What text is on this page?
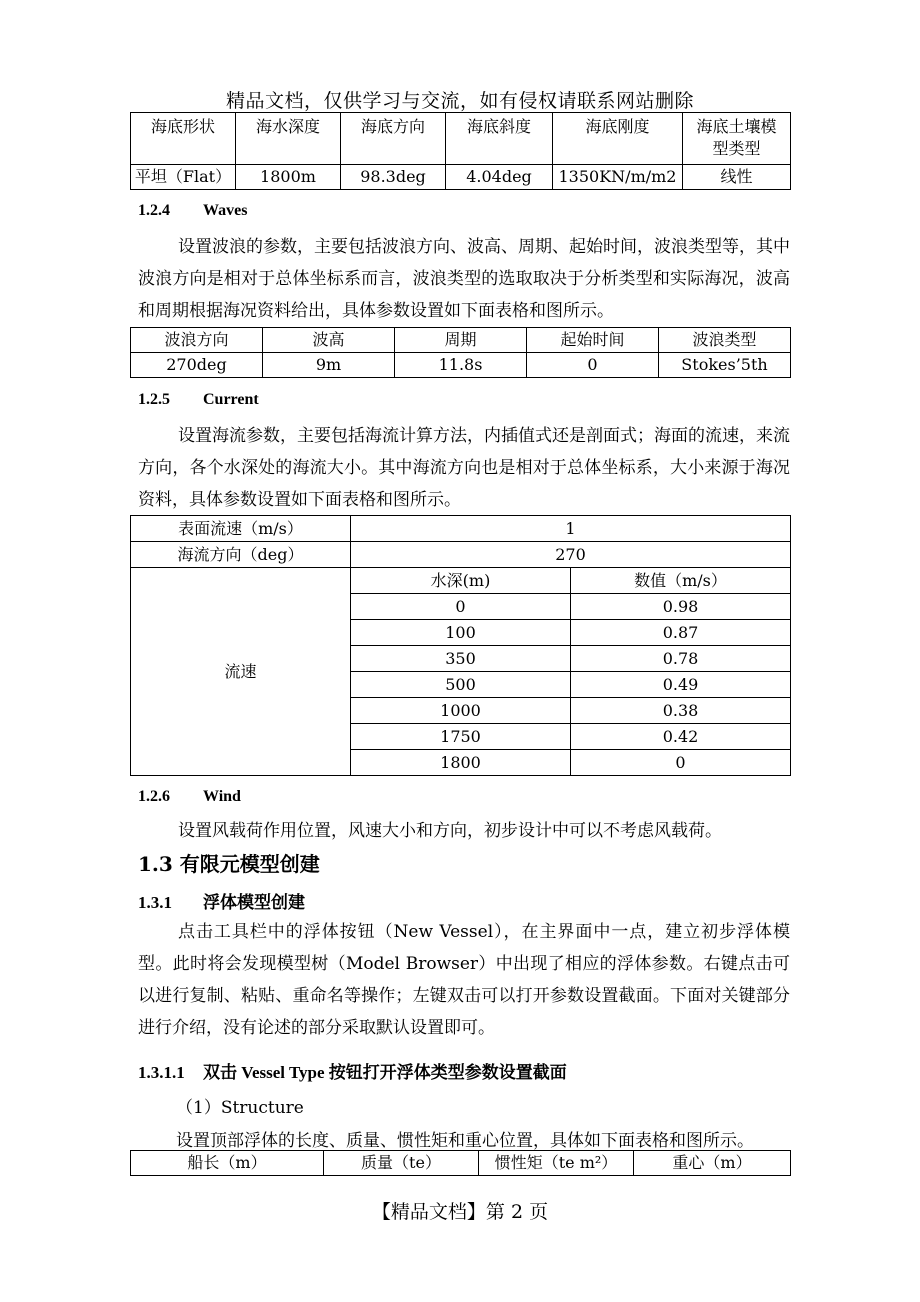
精品文档，仅供学习与交流，如有侵权请联系网站删除
海底形状	海水深度	海底方向	海底斜度	海底刚度	海底土壤模型类型
平坦（Flat）	1800m	98.3deg	4.04deg	1350KN/m/m2	线性
1.2.4 Waves
设置波浪的参数，主要包括波浪方向、波高、周期、起始时间，波浪类型等，其中波浪方向是相对于总体坐标系而言，波浪类型的选取取决于分析类型和实际海况，波高和周期根据海况资料给出，具体参数设置如下面表格和图所示。
波浪方向	波高	周期	起始时间	波浪类型
270deg	9m	11.8s	0	Stokes’5th
1.2.5 Current
设置海流参数，主要包括海流计算方法，内插值式还是剖面式；海面的流速，来流方向，各个水深处的海流大小。其中海流方向也是相对于总体坐标系，大小来源于海况资料，具体参数设置如下面表格和图所示。
表面流速（m/s）	1	
海流方向（deg）	270	
流速	水深(m)	数值（m/s）
	0	0.98
	100	0.87
	350	0.78
	500	0.49
	1000	0.38
	1750	0.42
	1800	0
1.2.6 Wind
设置风载荷作用位置，风速大小和方向，初步设计中可以不考虑风载荷。
1.3 有限元模型创建
1.3.1 浮体模型创建
点击工具栏中的浮体按钮（New Vessel），在主界面中一点，建立初步浮体模型。此时将会发现模型树（Model Browser）中出现了相应的浮体参数。右键点击可以进行复制、粘贴、重命名等操作；左键双击可以打开参数设置截面。下面对关键部分进行介绍，没有论述的部分采取默认设置即可。
1.3.1.1 双击 Vessel Type 按钮打开浮体类型参数设置截面
（1）Structure
设置顶部浮体的长度、质量、惯性矩和重心位置，具体如下面表格和图所示。
船长（m）	质量（te）	惯性矩（te m²）	重心（m）
【精品文档】第 2 页
